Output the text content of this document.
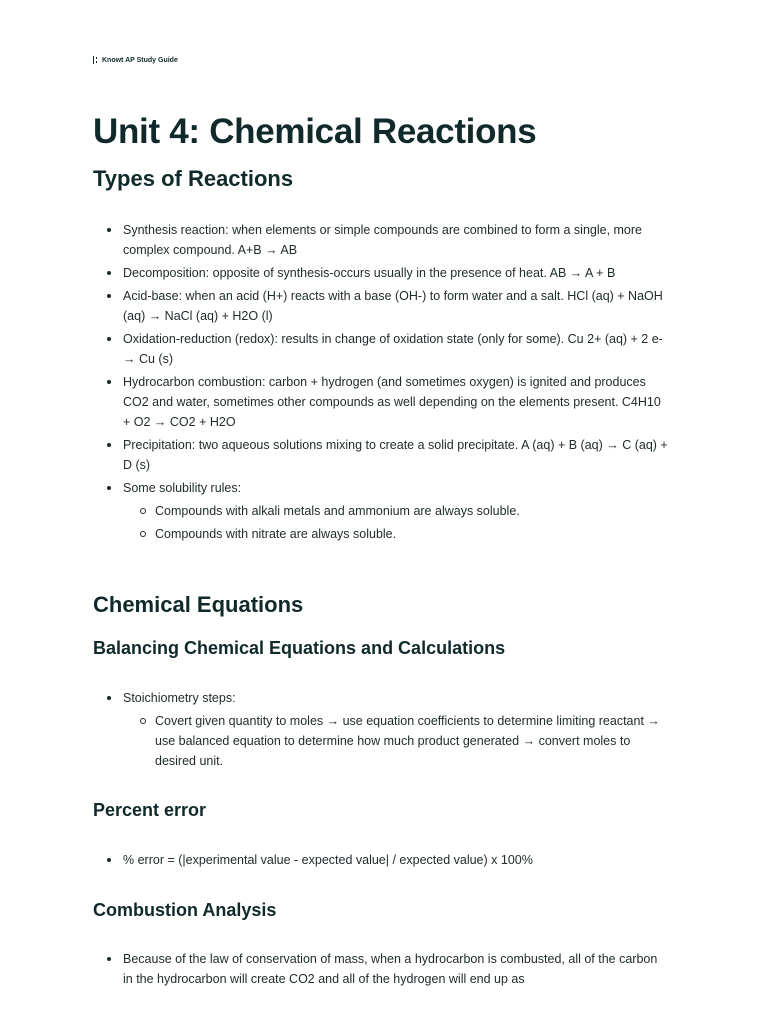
Knowt AP Study Guide
Unit 4: Chemical Reactions
Types of Reactions
Synthesis reaction: when elements or simple compounds are combined to form a single, more complex compound. A+B → AB
Decomposition: opposite of synthesis-occurs usually in the presence of heat. AB → A + B
Acid-base: when an acid (H+) reacts with a base (OH-) to form water and a salt. HCl (aq) + NaOH (aq) → NaCl (aq) + H2O (l)
Oxidation-reduction (redox): results in change of oxidation state (only for some). Cu 2+ (aq) + 2 e- → Cu (s)
Hydrocarbon combustion: carbon + hydrogen (and sometimes oxygen) is ignited and produces CO2 and water, sometimes other compounds as well depending on the elements present. C4H10 + O2 → CO2 + H2O
Precipitation: two aqueous solutions mixing to create a solid precipitate. A (aq) + B (aq) → C (aq) + D (s)
Some solubility rules:
Compounds with alkali metals and ammonium are always soluble.
Compounds with nitrate are always soluble.
Chemical Equations
Balancing Chemical Equations and Calculations
Stoichiometry steps:
Covert given quantity to moles → use equation coefficients to determine limiting reactant → use balanced equation to determine how much product generated → convert moles to desired unit.
Percent error
% error = (|experimental value - expected value| / expected value) x 100%
Combustion Analysis
Because of the law of conservation of mass, when a hydrocarbon is combusted, all of the carbon in the hydrocarbon will create CO2 and all of the hydrogen will end up as
